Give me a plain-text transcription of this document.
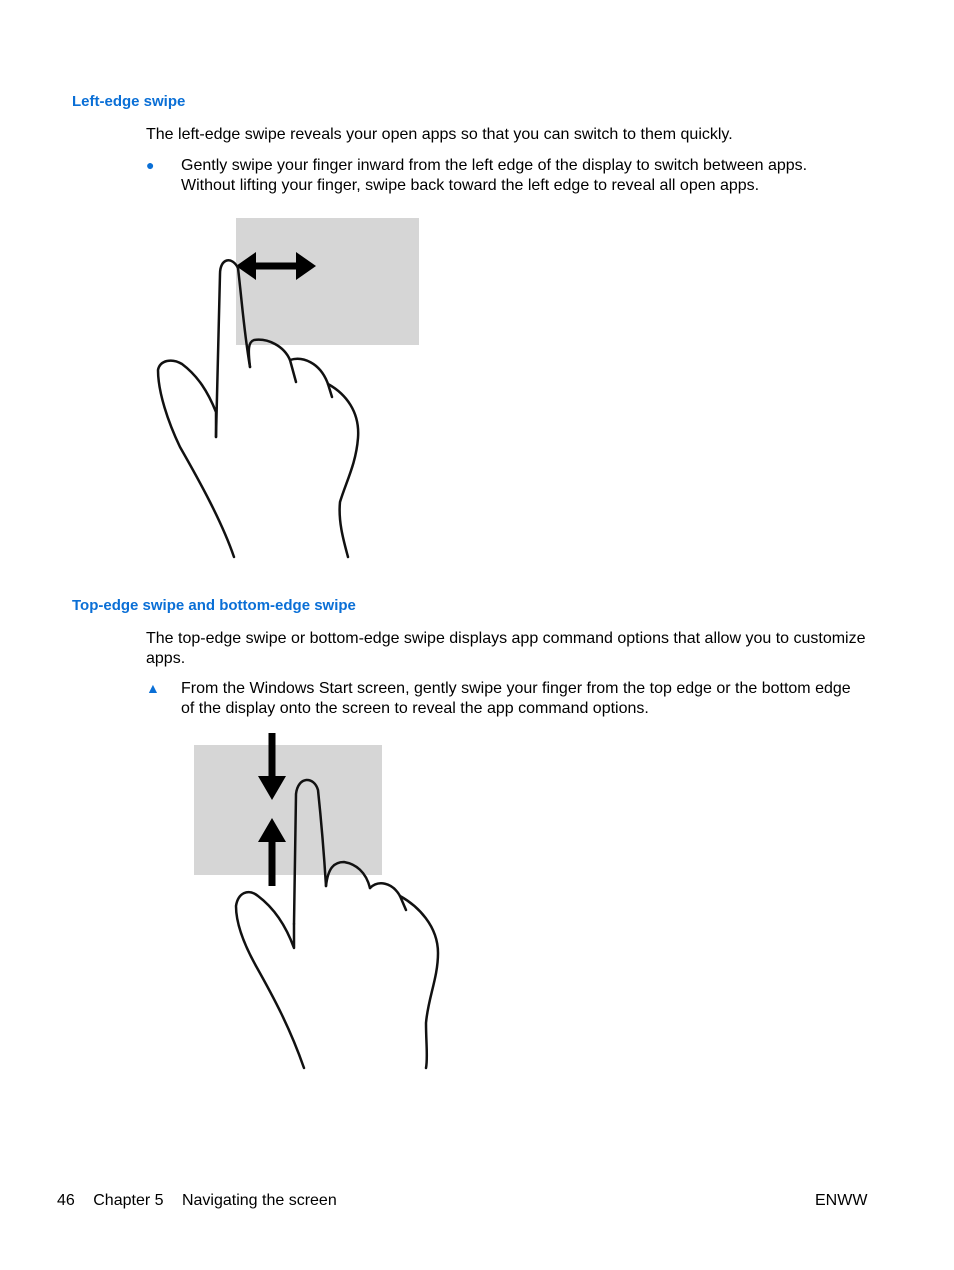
Left-edge swipe

The left-edge swipe reveals your open apps so that you can switch to them quickly.

●	Gently swipe your finger inward from the left edge of the display to switch between apps.
Without lifting your finger, swipe back toward the left edge to reveal all open apps.

Top-edge swipe and bottom-edge swipe

The top-edge swipe or bottom-edge swipe displays app command options that allow you to customize
apps.

▲	From the Windows Start screen, gently swipe your finger from the top edge or the bottom edge
of the display onto the screen to reveal the app command options.

46 Chapter 5 Navigating the screen	ENWW
